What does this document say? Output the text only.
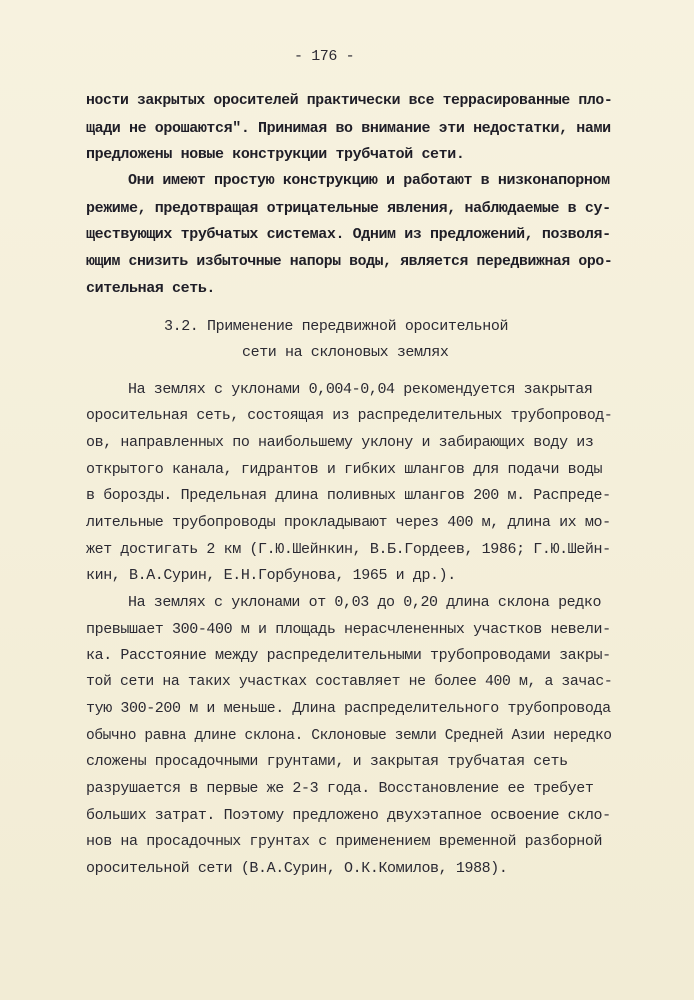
- 176 -
ности закрытых оросителей практически все террасированные пло-
щади не орошаются". Принимая во внимание эти недостатки, нами
предложены новые конструкции трубчатой сети.
Они имеют простую конструкцию и работают в низконапорном
режиме, предотвращая отрицательные явления, наблюдаемые в су-
ществующих трубчатых системах. Одним из предложений, позволя-
ющим снизить избыточные напоры воды, является передвижная оро-
сительная сеть.
3.2. Применение передвижной оросительной
сети на склоновых землях
На землях с уклонами 0,004-0,04 рекомендуется закрытая
оросительная сеть, состоящая из распределительных трубопровод-
ов, направленных по наибольшему уклону и забирающих воду из
открытого канала, гидрантов и гибких шлангов для подачи воды
в борозды. Предельная длина поливных шлангов 200 м. Распреде-
лительные трубопроводы прокладывают через 400 м, длина их мо-
жет достигать 2 км (Г.Ю.Шейнкин, В.Б.Гордеев, 1986; Г.Ю.Шейн-
кин, В.А.Сурин, Е.Н.Горбунова, 1965 и др.).
На землях с уклонами от 0,03 до 0,20 длина склона редко
превышает 300-400 м и площадь нерасчлененных участков невели-
ка. Расстояние между распределительными трубопроводами закры-
той сети на таких участках составляет не более 400 м, а зачас-
тую 300-200 м и меньше. Длина распределительного трубопровода
обычно равна длине склона. Склоновые земли Средней Азии нередко
сложены просадочными грунтами, и закрытая трубчатая сеть
разрушается в первые же 2-3 года. Восстановление ее требует
больших затрат. Поэтому предложено двухэтапное освоение скло-
нов на просадочных грунтах с применением временной разборной
оросительной сети (В.А.Сурин, О.К.Комилов, 1988).
